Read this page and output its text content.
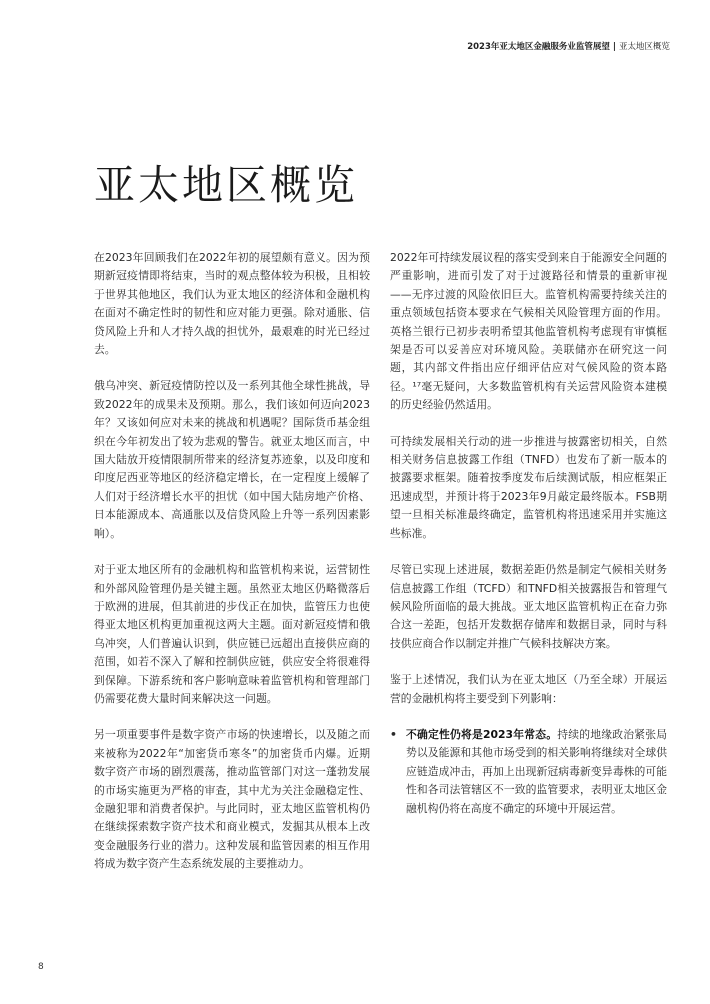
2023年亚太地区金融服务业监管展望 | 亚太地区概览
亚太地区概览

在2023年回顾我们在2022年初的展望颇有意义。因为预期新冠疫情即将结束，当时的观点整体较为积极，且相较于世界其他地区，我们认为亚太地区的经济体和金融机构在面对不确定性时的韧性和应对能力更强。除对通胀、信贷风险上升和人才持久战的担忧外，最艰难的时光已经过去。

俄乌冲突、新冠疫情防控以及一系列其他全球性挑战，导致2022年的成果未及预期。那么，我们该如何迈向2023年？又该如何应对未来的挑战和机遇呢？国际货币基金组织在今年初发出了较为悲观的警告。就亚太地区而言，中国大陆放开疫情限制所带来的经济复苏迹象，以及印度和印度尼西亚等地区的经济稳定增长，在一定程度上缓解了人们对于经济增长水平的担忧（如中国大陆房地产价格、日本能源成本、高通胀以及信贷风险上升等一系列因素影响）。

对于亚太地区所有的金融机构和监管机构来说，运营韧性和外部风险管理仍是关键主题。虽然亚太地区仍略微落后于欧洲的进展，但其前进的步伐正在加快，监管压力也使得亚太地区机构更加重视这两大主题。面对新冠疫情和俄乌冲突，人们普遍认识到，供应链已远超出直接供应商的范围，如若不深入了解和控制供应链，供应安全将很难得到保障。下游系统和客户影响意味着监管机构和管理部门仍需要花费大量时间来解决这一问题。

另一项重要事件是数字资产市场的快速增长，以及随之而来被称为2022年“加密货币寒冬”的加密货币内爆。近期数字资产市场的剧烈震荡，推动监管部门对这一蓬勃发展的市场实施更为严格的审查，其中尤为关注金融稳定性、金融犯罪和消费者保护。与此同时，亚太地区监管机构仍在继续探索数字资产技术和商业模式，发掘其从根本上改变金融服务行业的潜力。这种发展和监管因素的相互作用将成为数字资产生态系统发展的主要推动力。

2022年可持续发展议程的落实受到来自于能源安全问题的严重影响，进而引发了对于过渡路径和情景的重新审视——无序过渡的风险依旧巨大。监管机构需要持续关注的重点领域包括资本要求在气候相关风险管理方面的作用。英格兰银行已初步表明希望其他监管机构考虑现有审慎框架是否可以妥善应对环境风险。美联储亦在研究这一问题，其内部文件指出应仔细评估应对气候风险的资本路径。¹⁷毫无疑问，大多数监管机构有关运营风险资本建模的历史经验仍然适用。

可持续发展相关行动的进一步推进与披露密切相关，自然相关财务信息披露工作组（TNFD）也发布了新一版本的披露要求框架。随着按季度发布后续测试版，相应框架正迅速成型，并预计将于2023年9月敲定最终版本。FSB期望一旦相关标准最终确定，监管机构将迅速采用并实施这些标准。

尽管已实现上述进展，数据差距仍然是制定气候相关财务信息披露工作组（TCFD）和TNFD相关披露报告和管理气候风险所面临的最大挑战。亚太地区监管机构正在奋力弥合这一差距，包括开发数据存储库和数据目录，同时与科技供应商合作以制定并推广气候科技解决方案。

鉴于上述情况，我们认为在亚太地区（乃至全球）开展运营的金融机构将主要受到下列影响：

• 不确定性仍将是2023年常态。持续的地缘政治紧张局势以及能源和其他市场受到的相关影响将继续对全球供应链造成冲击，再加上出现新冠病毒新变异毒株的可能性和各司法管辖区不一致的监管要求，表明亚太地区金融机构仍将在高度不确定的环境中开展运营。
8
